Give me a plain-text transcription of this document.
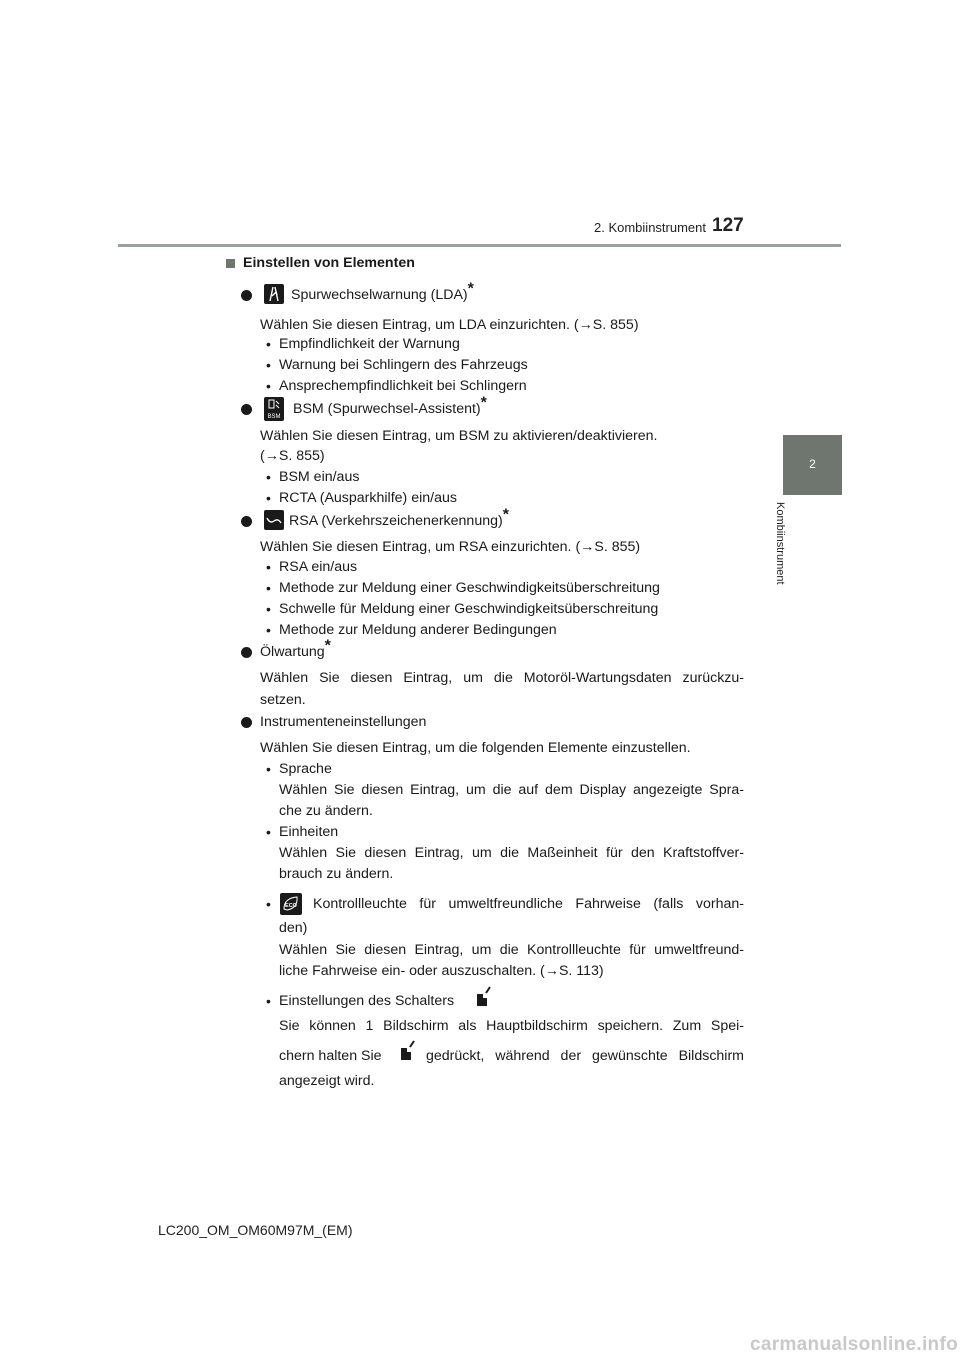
2. Kombiinstrument 127
2
Kombiinstrument
Einstellen von Elementen
Spurwechselwarnung (LDA)*
Wählen Sie diesen Eintrag, um LDA einzurichten. (→S. 855)
• Empfindlichkeit der Warnung
• Warnung bei Schlingern des Fahrzeugs
• Ansprechempfindlichkeit bei Schlingern
BSM BSM (Spurwechsel-Assistent)*
Wählen Sie diesen Eintrag, um BSM zu aktivieren/deaktivieren.
(→S. 855)
• BSM ein/aus
• RCTA (Ausparkhilfe) ein/aus
RSA (Verkehrszeichenerkennung)*
Wählen Sie diesen Eintrag, um RSA einzurichten. (→S. 855)
• RSA ein/aus
• Methode zur Meldung einer Geschwindigkeitsüberschreitung
• Schwelle für Meldung einer Geschwindigkeitsüberschreitung
• Methode zur Meldung anderer Bedingungen
Ölwartung*
Wählen Sie diesen Eintrag, um die Motoröl-Wartungsdaten zurückzu-
setzen.
Instrumenteneinstellungen
Wählen Sie diesen Eintrag, um die folgenden Elemente einzustellen.
• Sprache
Wählen Sie diesen Eintrag, um die auf dem Display angezeigte Spra-
che zu ändern.
• Einheiten
Wählen Sie diesen Eintrag, um die Maßeinheit für den Kraftstoffver-
brauch zu ändern.
•	ECO Kontrollleuchte für umweltfreundliche Fahrweise (falls vorhan-
den)
Wählen Sie diesen Eintrag, um die Kontrollleuchte für umweltfreund-
liche Fahrweise ein- oder auszuschalten. (→S. 113)
• Einstellungen des Schalters
Sie können 1 Bildschirm als Hauptbildschirm speichern. Zum Spei-
chern halten Sie	gedrückt, während der gewünschte Bildschirm
angezeigt wird.
LC200_OM_OM60M97M_(EM)
carmanualsonline.info
